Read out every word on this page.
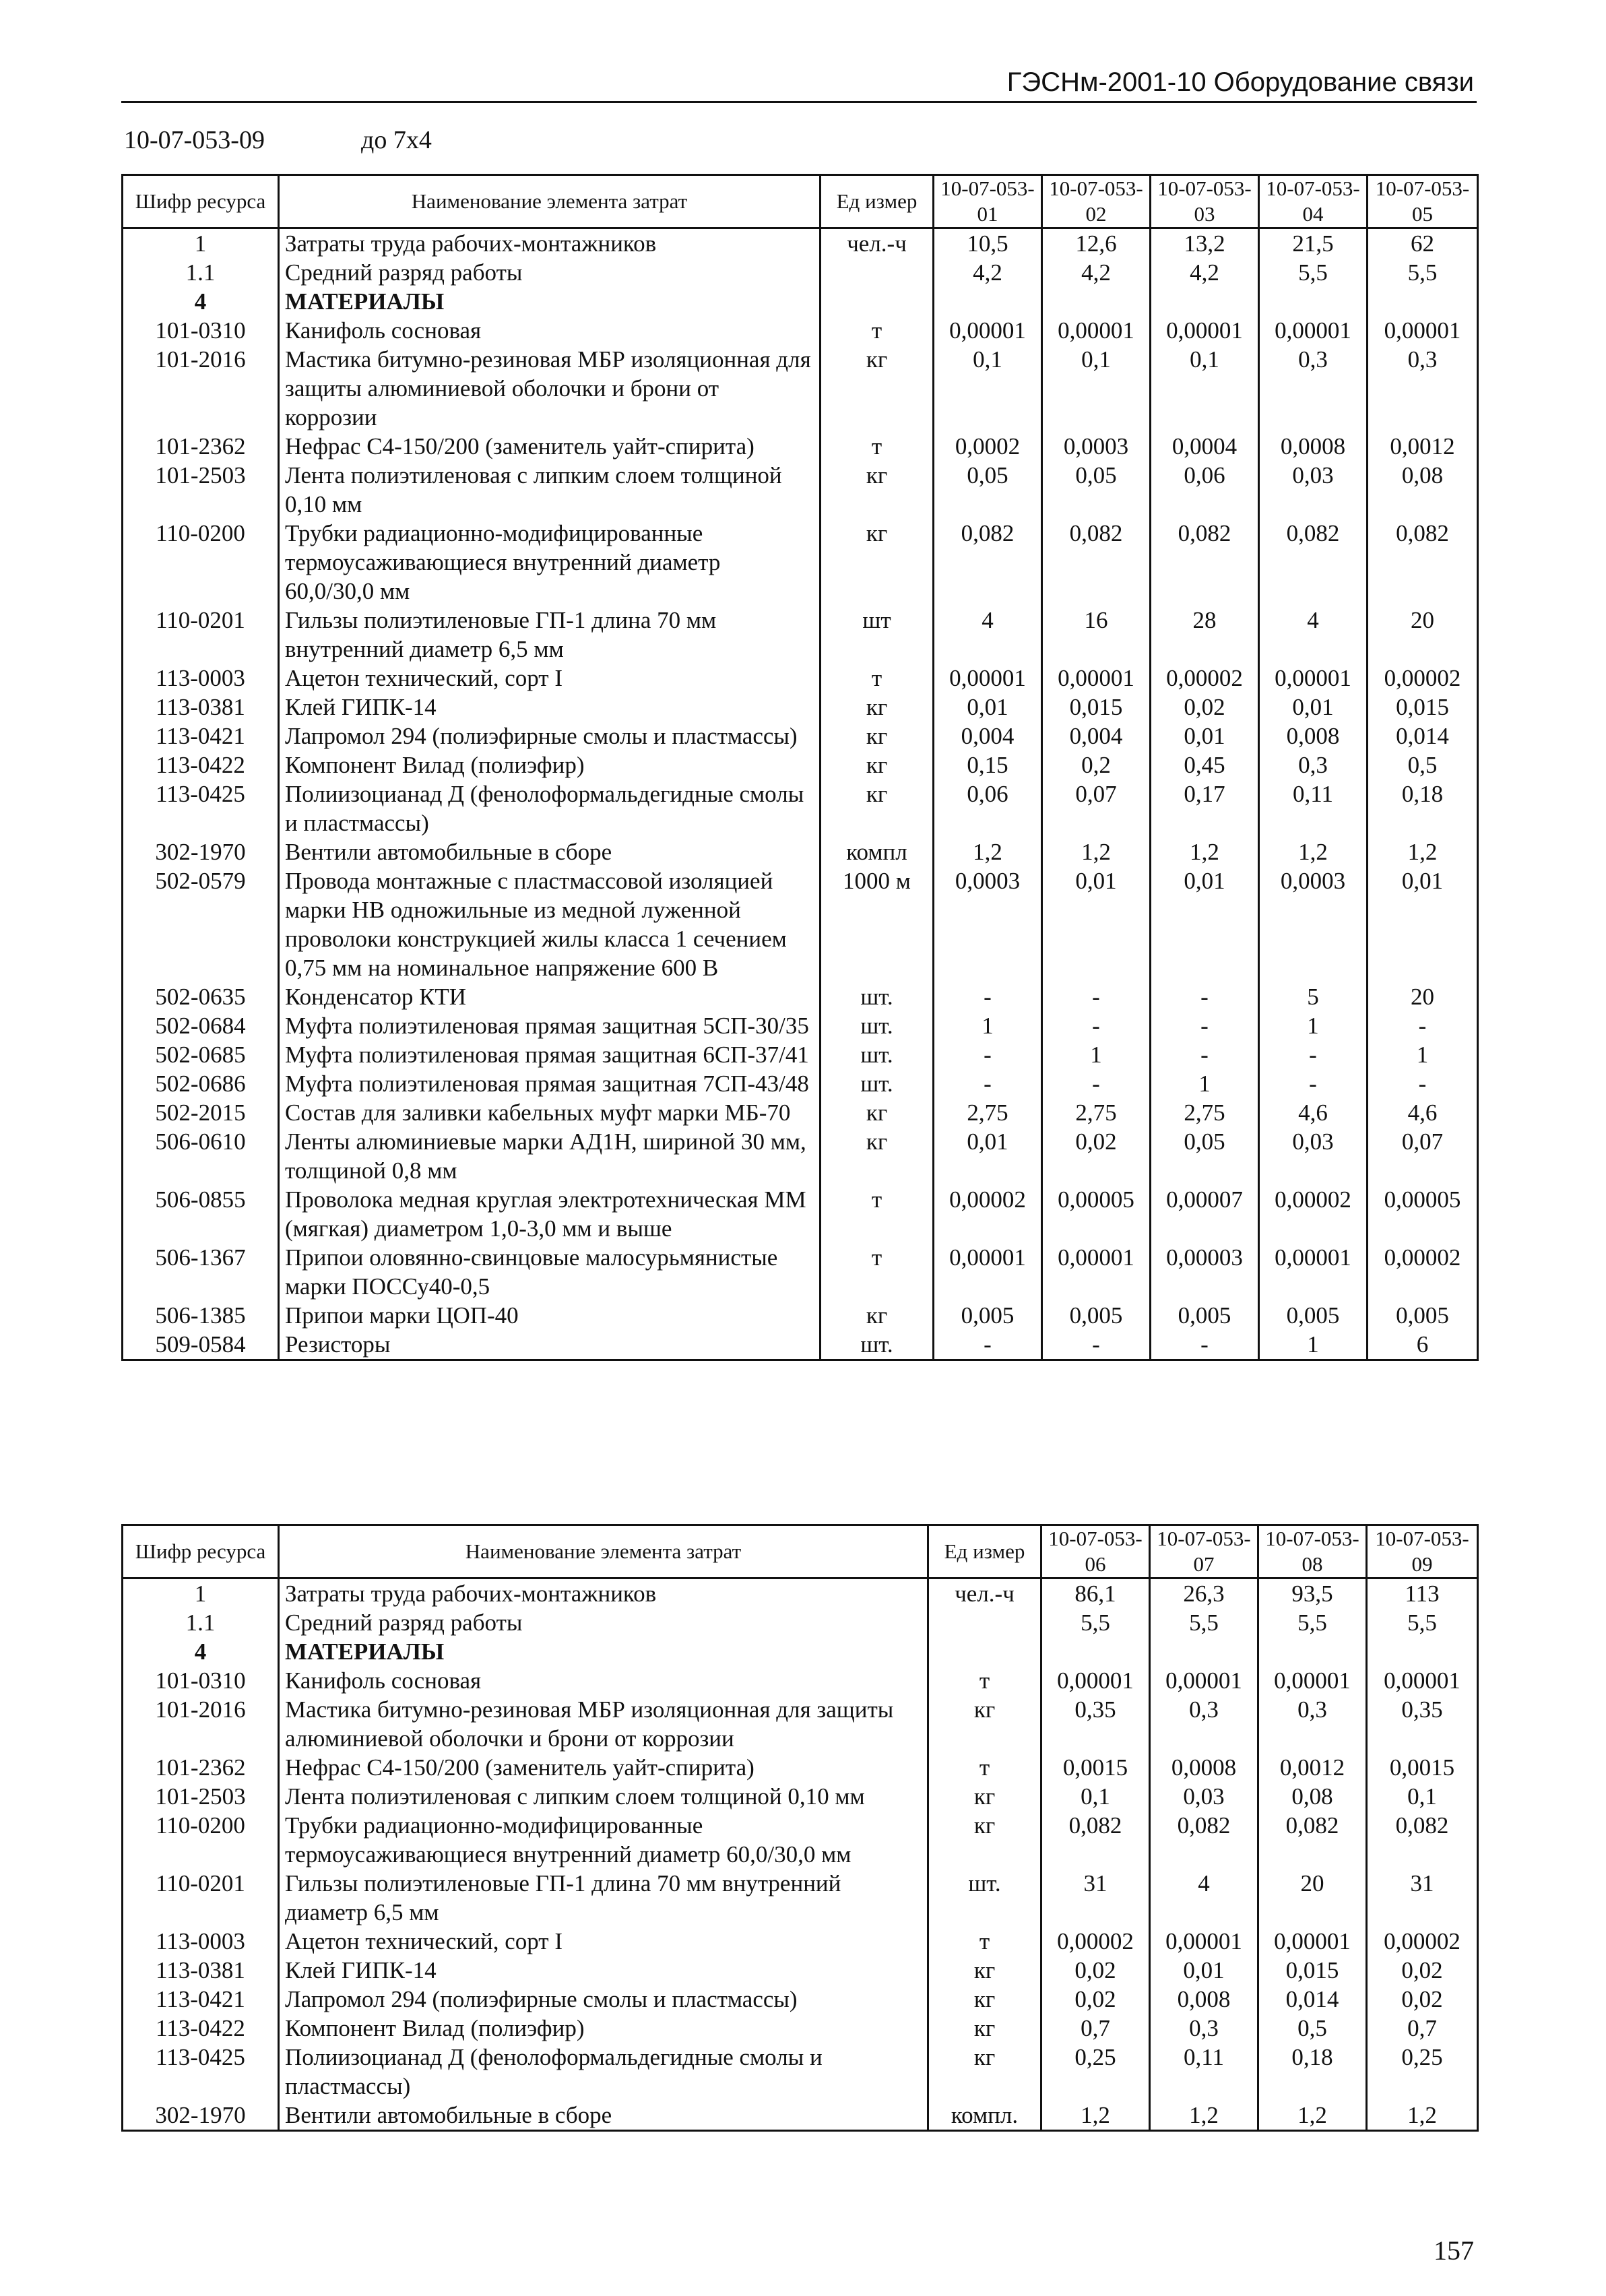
ГЭСНм-2001-10 Оборудование связи
10-07-053-09	до 7х4
Шифр ресурса	Наименование элемента затрат	Ед измер	10-07-053-01	10-07-053-02	10-07-053-03	10-07-053-04	10-07-053-05
1	Затраты труда рабочих-монтажников	чел.-ч	10,5	12,6	13,2	21,5	62
1.1	Средний разряд работы		4,2	4,2	4,2	5,5	5,5
4	МАТЕРИАЛЫ						
101-0310	Канифоль сосновая	т	0,00001	0,00001	0,00001	0,00001	0,00001
101-2016	Мастика битумно-резиновая МБР изоляционная для защиты алюминиевой оболочки и брони от коррозии	кг	0,1	0,1	0,1	0,3	0,3
101-2362	Нефрас С4-150/200 (заменитель уайт-спирита)	т	0,0002	0,0003	0,0004	0,0008	0,0012
101-2503	Лента полиэтиленовая с липким слоем толщиной 0,10 мм	кг	0,05	0,05	0,06	0,03	0,08
110-0200	Трубки радиационно-модифицированные термоусаживающиеся внутренний диаметр 60,0/30,0 мм	кг	0,082	0,082	0,082	0,082	0,082
110-0201	Гильзы полиэтиленовые ГП-1 длина 70 мм внутренний диаметр 6,5 мм	шт	4	16	28	4	20
113-0003	Ацетон технический, сорт I	т	0,00001	0,00001	0,00002	0,00001	0,00002
113-0381	Клей ГИПК-14	кг	0,01	0,015	0,02	0,01	0,015
113-0421	Лапромол 294 (полиэфирные смолы и пластмассы)	кг	0,004	0,004	0,01	0,008	0,014
113-0422	Компонент Вилад (полиэфир)	кг	0,15	0,2	0,45	0,3	0,5
113-0425	Полиизоцианад Д (фенолоформальдегидные смолы и пластмассы)	кг	0,06	0,07	0,17	0,11	0,18
302-1970	Вентили автомобильные в сборе	компл	1,2	1,2	1,2	1,2	1,2
502-0579	Провода монтажные с пластмассовой изоляцией марки НВ одножильные из медной луженной проволоки конструкцией жилы класса 1 сечением 0,75 мм на номинальное напряжение 600 В	1000 м	0,0003	0,01	0,01	0,0003	0,01
502-0635	Конденсатор КТИ	шт.	-	-	-	5	20
502-0684	Муфта полиэтиленовая прямая защитная 5СП-30/35	шт.	1	-	-	1	-
502-0685	Муфта полиэтиленовая прямая защитная 6СП-37/41	шт.	-	1	-	-	1
502-0686	Муфта полиэтиленовая прямая защитная 7СП-43/48	шт.	-	-	1	-	-
502-2015	Состав для заливки кабельных муфт марки МБ-70	кг	2,75	2,75	2,75	4,6	4,6
506-0610	Ленты алюминиевые марки АД1Н, шириной 30 мм, толщиной 0,8 мм	кг	0,01	0,02	0,05	0,03	0,07
506-0855	Проволока медная круглая электротехническая ММ (мягкая) диаметром 1,0-3,0 мм и выше	т	0,00002	0,00005	0,00007	0,00002	0,00005
506-1367	Припои оловянно-свинцовые малосурьмянистые марки ПОССу40-0,5	т	0,00001	0,00001	0,00003	0,00001	0,00002
506-1385	Припои марки ЦОП-40	кг	0,005	0,005	0,005	0,005	0,005
509-0584	Резисторы	шт.	-	-	-	1	6
Шифр ресурса	Наименование элемента затрат	Ед измер	10-07-053-06	10-07-053-07	10-07-053-08	10-07-053-09
1	Затраты труда рабочих-монтажников	чел.-ч	86,1	26,3	93,5	113
1.1	Средний разряд работы		5,5	5,5	5,5	5,5
4	МАТЕРИАЛЫ					
101-0310	Канифоль сосновая	т	0,00001	0,00001	0,00001	0,00001
101-2016	Мастика битумно-резиновая МБР изоляционная для защиты алюминиевой оболочки и брони от коррозии	кг	0,35	0,3	0,3	0,35
101-2362	Нефрас С4-150/200 (заменитель уайт-спирита)	т	0,0015	0,0008	0,0012	0,0015
101-2503	Лента полиэтиленовая с липким слоем толщиной 0,10 мм	кг	0,1	0,03	0,08	0,1
110-0200	Трубки радиационно-модифицированные термоусаживающиеся внутренний диаметр 60,0/30,0 мм	кг	0,082	0,082	0,082	0,082
110-0201	Гильзы полиэтиленовые ГП-1 длина 70 мм внутренний диаметр 6,5 мм	шт.	31	4	20	31
113-0003	Ацетон технический, сорт I	т	0,00002	0,00001	0,00001	0,00002
113-0381	Клей ГИПК-14	кг	0,02	0,01	0,015	0,02
113-0421	Лапромол 294 (полиэфирные смолы и пластмассы)	кг	0,02	0,008	0,014	0,02
113-0422	Компонент Вилад (полиэфир)	кг	0,7	0,3	0,5	0,7
113-0425	Полиизоцианад Д (фенолоформальдегидные смолы и пластмассы)	кг	0,25	0,11	0,18	0,25
302-1970	Вентили автомобильные в сборе	компл.	1,2	1,2	1,2	1,2
157
